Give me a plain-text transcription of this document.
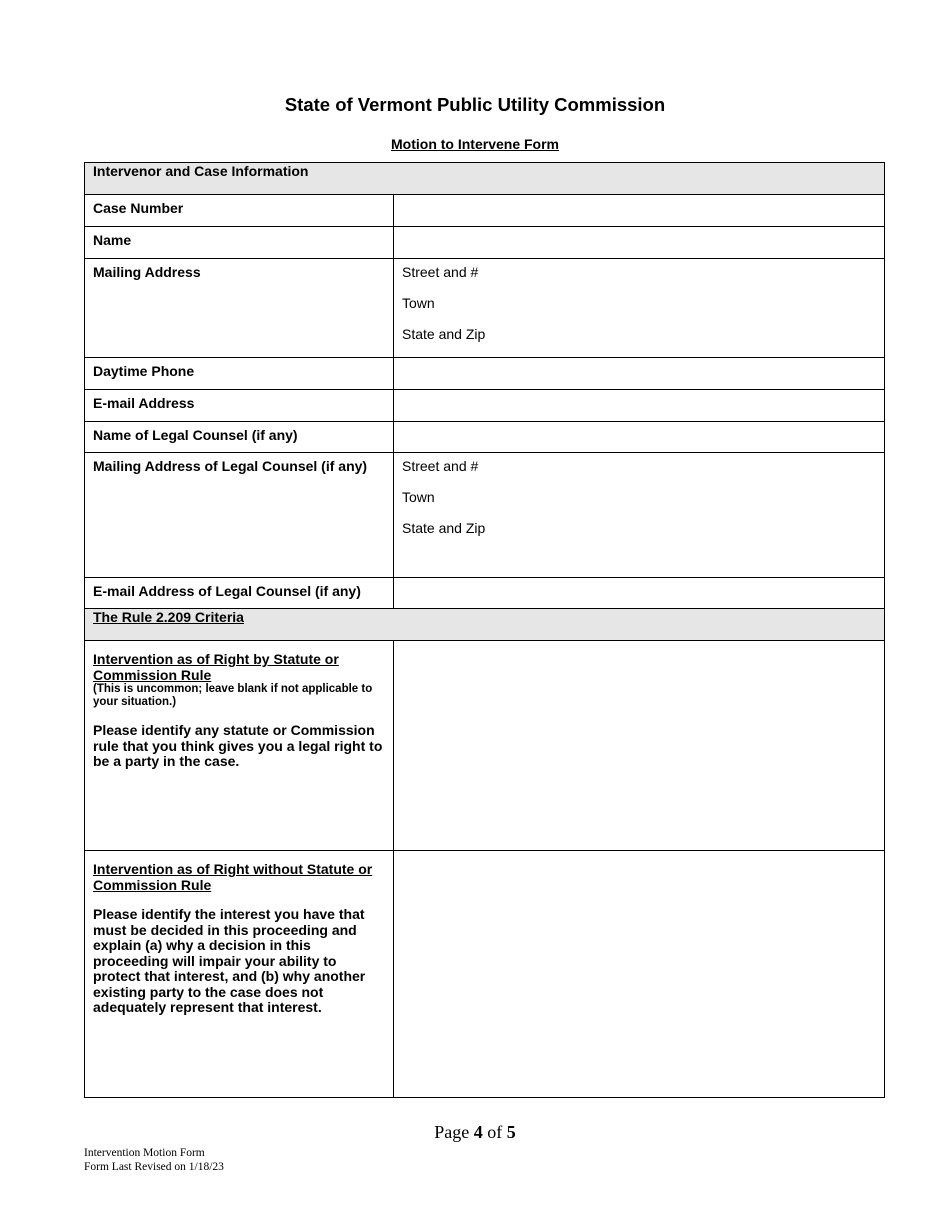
State of Vermont Public Utility Commission
Motion to Intervene Form
Intervenor and Case Information	
Case Number	
Name	
Mailing Address	Street and #
Town
State and Zip

Daytime Phone	
E-mail Address	
Name of Legal Counsel (if any)	
Mailing Address of Legal Counsel (if any)	Street and #
Town
State and Zip

E-mail Address of Legal Counsel (if any)	
The Rule 2.209 Criteria	

Intervention as of Right by Statute or Commission Rule
(This is uncommon; leave blank if not applicable to your situation.)
Please identify any statute or Commission rule that you think gives you a legal right to be a party in the case.	

Intervention as of Right without Statute or Commission Rule
Please identify the interest you have that must be decided in this proceeding and explain (a) why a decision in this proceeding will impair your ability to protect that interest, and (b) why another existing party to the case does not adequately represent that interest.	

Page 4 of 5
Intervention Motion Form
Form Last Revised on 1/18/23
